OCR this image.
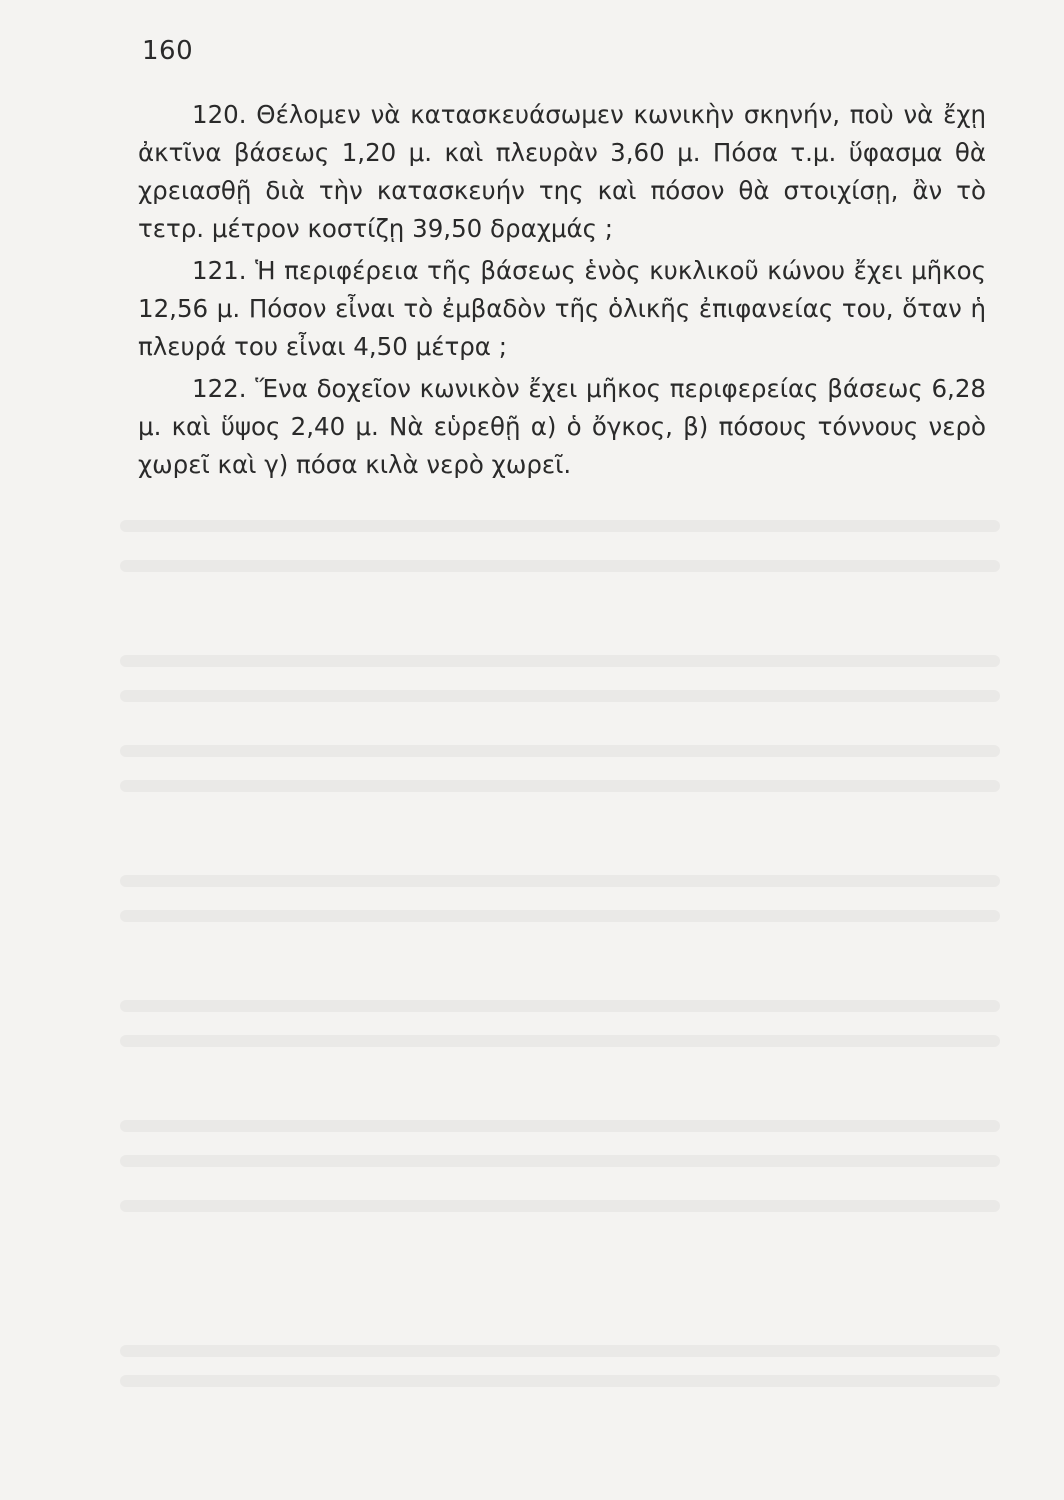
160

120. Θέλομεν νὰ κατασκευάσωμεν κωνικὴν σκηνήν, ποὺ νὰ ἔχῃ ἀκτῖνα βάσεως 1,20 μ. καὶ πλευρὰν 3,60 μ. Πόσα τ.μ. ὕφασμα θὰ χρειασθῇ διὰ τὴν κατασκευήν της καὶ πόσον θὰ στοιχίσῃ, ἂν τὸ τετρ. μέτρον κοστίζῃ 39,50 δραχμάς ;

121. Ἡ περιφέρεια τῆς βάσεως ἑνὸς κυκλικοῦ κώνου ἔχει μῆκος 12,56 μ. Πόσον εἶναι τὸ ἐμβαδὸν τῆς ὁλικῆς ἐπιφανείας του, ὅταν ἡ πλευρά του εἶναι 4,50 μέτρα ;

122. Ἕνα δοχεῖον κωνικὸν ἔχει μῆκος περιφερείας βάσεως 6,28 μ. καὶ ὕψος 2,40 μ. Νὰ εὑρεθῇ α) ὁ ὄγκος, β) πόσους τόννους νερὸ χωρεῖ καὶ γ) πόσα κιλὰ νερὸ χωρεῖ.
